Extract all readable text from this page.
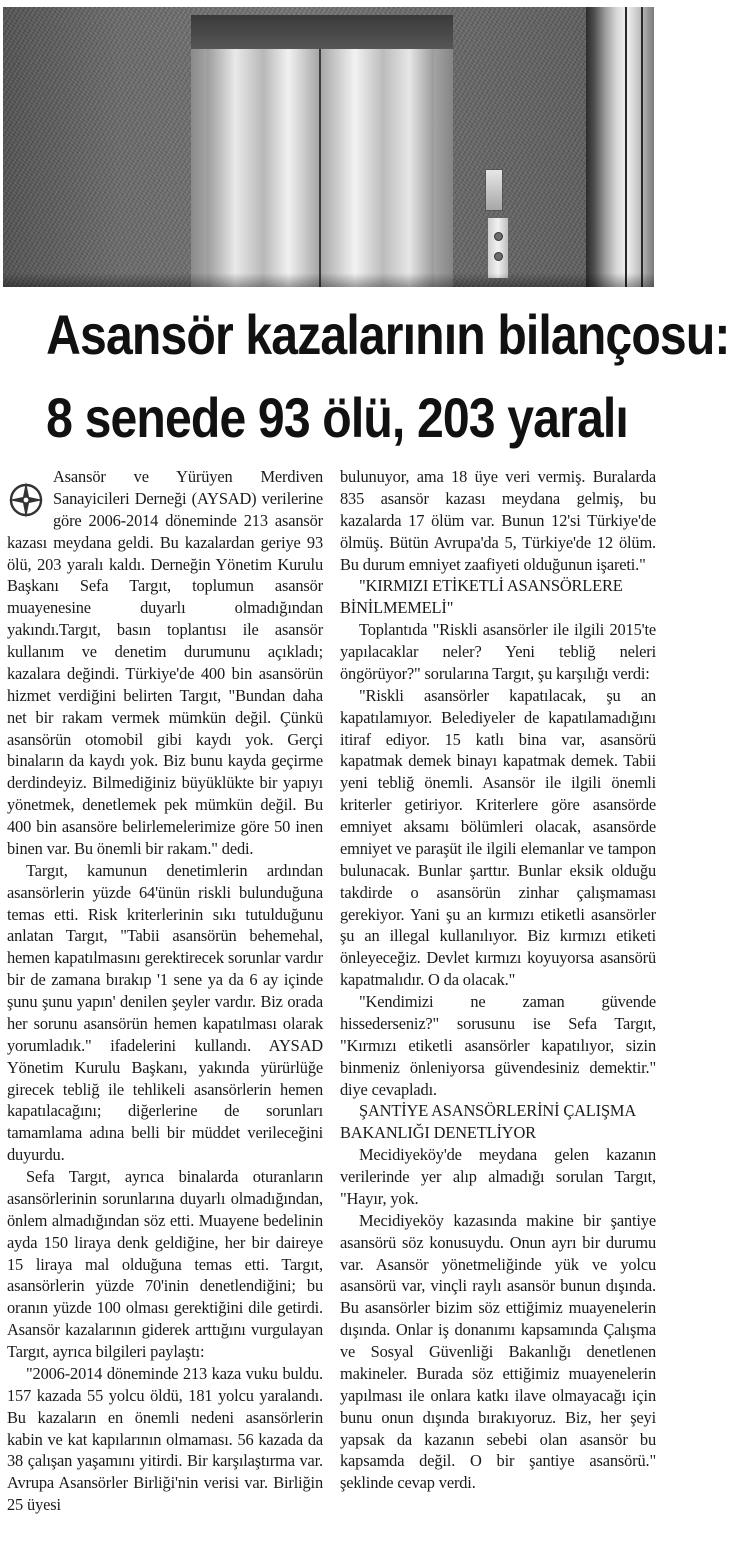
Asansör kazalarının bilançosu:
8 senede 93 ölü, 203 yaralı

Asansör ve Yürüyen Merdiven Sanayicileri Derneği (AYSAD) verilerine göre 2006-2014 döneminde 213 asansör kazası meydana geldi. Bu kazalardan geriye 93 ölü, 203 yaralı kaldı. Derneğin Yönetim Kurulu Başkanı Sefa Targıt, toplumun asansör muayenesine duyarlı olmadığından yakındı.Targıt, basın toplantısı ile asansör kullanım ve denetim durumunu açıkladı; kazalara değindi. Türkiye'de 400 bin asansörün hizmet verdiğini belirten Targıt, "Bundan daha net bir rakam vermek mümkün değil. Çünkü asansörün otomobil gibi kaydı yok. Gerçi binaların da kaydı yok. Biz bunu kayda geçirme derdindeyiz. Bilmediğiniz büyüklükte bir yapıyı yönetmek, denetlemek pek mümkün değil. Bu 400 bin asansöre belirlemelerimize göre 50 inen binen var. Bu önemli bir rakam." dedi.

Targıt, kamunun denetimlerin ardından asansörlerin yüzde 64'ünün riskli bulunduğuna temas etti. Risk kriterlerinin sıkı tutulduğunu anlatan Targıt, "Tabii asansörün behemehal, hemen kapatılmasını gerektirecek sorunlar vardır bir de zamana bırakıp '1 sene ya da 6 ay içinde şunu şunu yapın' denilen şeyler vardır. Biz orada her sorunu asansörün hemen kapatılması olarak yorumladık." ifadelerini kullandı. AYSAD Yönetim Kurulu Başkanı, yakında yürürlüğe girecek tebliğ ile tehlikeli asansörlerin hemen kapatılacağını; diğerlerine de sorunları tamamlama adına belli bir müddet verileceğini duyurdu.

Sefa Targıt, ayrıca binalarda oturanların asansörlerinin sorunlarına duyarlı olmadığından, önlem almadığından söz etti. Muayene bedelinin ayda 150 liraya denk geldiğine, her bir daireye 15 liraya mal olduğuna temas etti. Targıt, asansörlerin yüzde 70'inin denetlendiğini; bu oranın yüzde 100 olması gerektiğini dile getirdi. Asansör kazalarının giderek arttığını vurgulayan Targıt, ayrıca bilgileri paylaştı:

"2006-2014 döneminde 213 kaza vuku buldu. 157 kazada 55 yolcu öldü, 181 yolcu yaralandı. Bu kazaların en önemli nedeni asansörlerin kabin ve kat kapılarının olmaması. 56 kazada da 38 çalışan yaşamını yitirdi. Bir karşılaştırma var. Avrupa Asansörler Birliği'nin verisi var. Birliğin 25 üyesi

bulunuyor, ama 18 üye veri vermiş. Buralarda 835 asansör kazası meydana gelmiş, bu kazalarda 17 ölüm var. Bunun 12'si Türkiye'de ölmüş. Bütün Avrupa'da 5, Türkiye'de 12 ölüm. Bu durum emniyet zaafiyeti olduğunun işareti."

"KIRMIZI ETİKETLİ ASANSÖRLERE BİNİLMEMELİ"

Toplantıda "Riskli asansörler ile ilgili 2015'te yapılacaklar neler? Yeni tebliğ neleri öngörüyor?" sorularına Targıt, şu karşılığı verdi:

"Riskli asansörler kapatılacak, şu an kapatılamıyor. Belediyeler de kapatılamadığını itiraf ediyor. 15 katlı bina var, asansörü kapatmak demek binayı kapatmak demek. Tabii yeni tebliğ önemli. Asansör ile ilgili önemli kriterler getiriyor. Kriterlere göre asansörde emniyet aksamı bölümleri olacak, asansörde emniyet ve paraşüt ile ilgili elemanlar ve tampon bulunacak. Bunlar şarttır. Bunlar eksik olduğu takdirde o asansörün zinhar çalışmaması gerekiyor. Yani şu an kırmızı etiketli asansörler şu an illegal kullanılıyor. Biz kırmızı etiketi önleyeceğiz. Devlet kırmızı koyuyorsa asansörü kapatmalıdır. O da olacak."

"Kendimizi ne zaman güvende hissederseniz?" sorusunu ise Sefa Targıt, "Kırmızı etiketli asansörler kapatılıyor, sizin binmeniz önleniyorsa güvendesiniz demektir." diye cevapladı.

ŞANTİYE ASANSÖRLERİNİ ÇALIŞMA BAKANLIĞI DENETLİYOR

Mecidiyeköy'de meydana gelen kazanın verilerinde yer alıp almadığı sorulan Targıt, "Hayır, yok.

Mecidiyeköy kazasında makine bir şantiye asansörü söz konusuydu. Onun ayrı bir durumu var. Asansör yönetmeliğinde yük ve yolcu asansörü var, vinçli raylı asansör bunun dışında. Bu asansörler bizim söz ettiğimiz muayenelerin dışında. Onlar iş donanımı kapsamında Çalışma ve Sosyal Güvenliği Bakanlığı denetlenen makineler. Burada söz ettiğimiz muayenelerin yapılması ile onlara katkı ilave olmayacağı için bunu onun dışında bırakıyoruz. Biz, her şeyi yapsak da kazanın sebebi olan asansör bu kapsamda değil. O bir şantiye asansörü." şeklinde cevap verdi.
